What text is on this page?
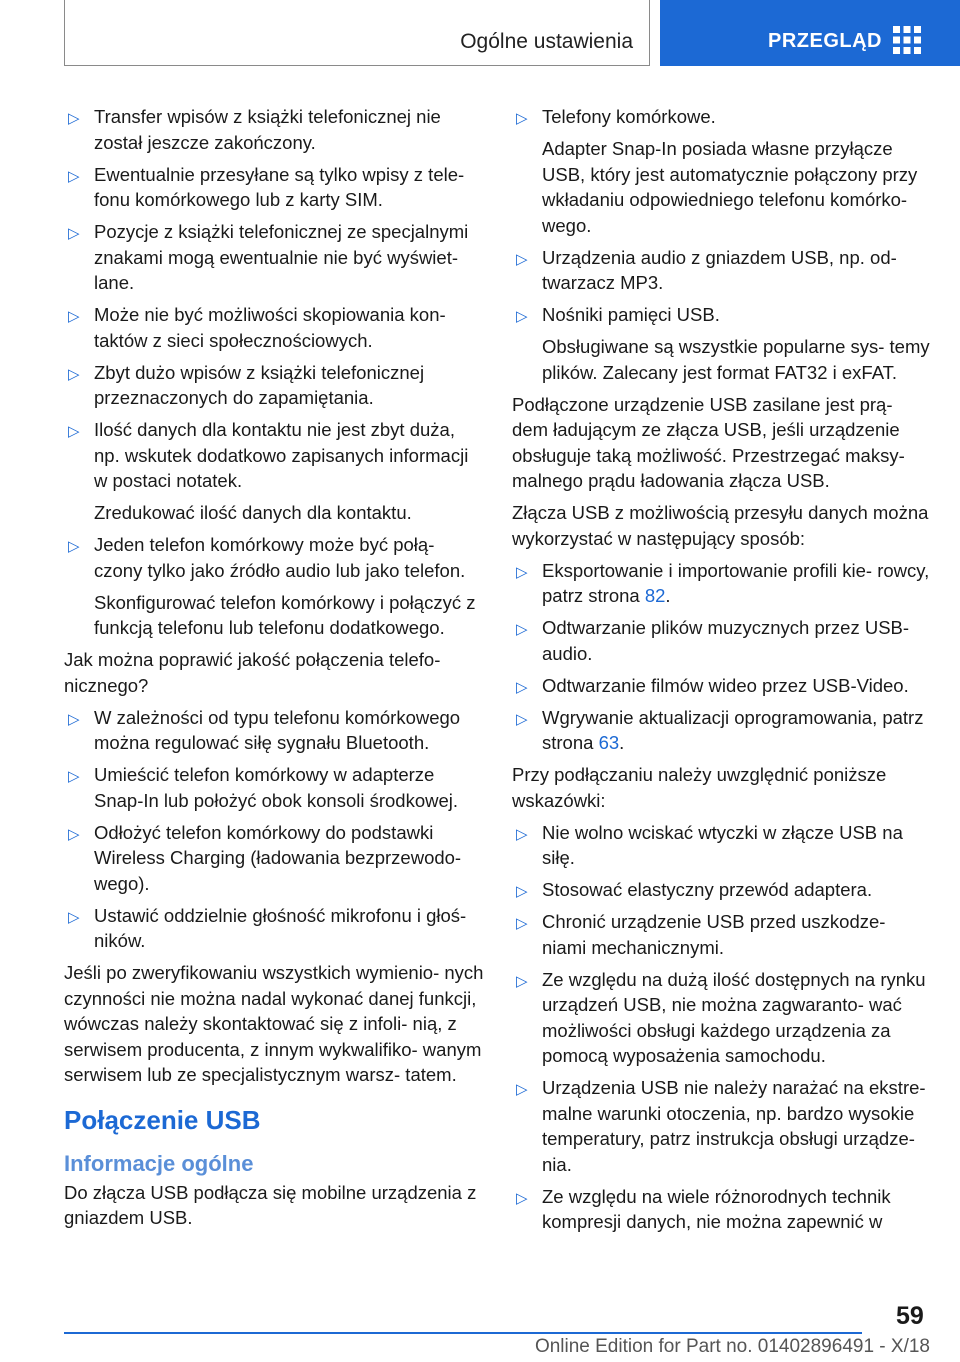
Ogólne ustawienia	PRZEGLĄD
▷ Transfer wpisów z książki telefonicznej nie został jeszcze zakończony.
▷ Ewentualnie przesyłane są tylko wpisy z tele- fonu komórkowego lub z karty SIM.
▷ Pozycje z książki telefonicznej ze specjalnymi znakami mogą ewentualnie nie być wyświet- lane.
▷ Może nie być możliwości skopiowania kon- taktów z sieci społecznościowych.
▷ Zbyt dużo wpisów z książki telefonicznej przeznaczonych do zapamiętania.
▷ Ilość danych dla kontaktu nie jest zbyt duża, np. wskutek dodatkowo zapisanych informacji w postaci notatek.
Zredukować ilość danych dla kontaktu.
▷ Jeden telefon komórkowy może być połą- czony tylko jako źródło audio lub jako telefon.
Skonfigurować telefon komórkowy i połączyć z funkcją telefonu lub telefonu dodatkowego.
Jak można poprawić jakość połączenia telefo- nicznego?
▷ W zależności od typu telefonu komórkowego można regulować siłę sygnału Bluetooth.
▷ Umieścić telefon komórkowy w adapterze Snap-In lub położyć obok konsoli środkowej.
▷ Odłożyć telefon komórkowy do podstawki Wireless Charging (ładowania bezprzewodo- wego).
▷ Ustawić oddzielnie głośność mikrofonu i głoś- ników.
Jeśli po zweryfikowaniu wszystkich wymienio- nych czynności nie można nadal wykonać danej funkcji, wówczas należy skontaktować się z infoli- nią, z serwisem producenta, z innym wykwalifiko- wanym serwisem lub ze specjalistycznym warsz- tatem.
Połączenie USB
Informacje ogólne
Do złącza USB podłącza się mobilne urządzenia z gniazdem USB.
▷ Telefony komórkowe.
Adapter Snap-In posiada własne przyłącze USB, który jest automatycznie połączony przy wkładaniu odpowiedniego telefonu komórko- wego.
▷ Urządzenia audio z gniazdem USB, np. od- twarzacz MP3.
▷ Nośniki pamięci USB.
Obsługiwane są wszystkie popularne sys- temy plików. Zalecany jest format FAT32 i exFAT.
Podłączone urządzenie USB zasilane jest prą- dem ładującym ze złącza USB, jeśli urządzenie obsługuje taką możliwość. Przestrzegać maksy- malnego prądu ładowania złącza USB.
Złącza USB z możliwością przesyłu danych można wykorzystać w następujący sposób:
▷ Eksportowanie i importowanie profili kie- rowcy, patrz strona 82.
▷ Odtwarzanie plików muzycznych przez USB- audio.
▷ Odtwarzanie filmów wideo przez USB-Video.
▷ Wgrywanie aktualizacji oprogramowania, patrz strona 63.
Przy podłączaniu należy uwzględnić poniższe wskazówki:
▷ Nie wolno wciskać wtyczki w złącze USB na siłę.
▷ Stosować elastyczny przewód adaptera.
▷ Chronić urządzenie USB przed uszkodze- niami mechanicznymi.
▷ Ze względu na dużą ilość dostępnych na rynku urządzeń USB, nie można zagwaranto- wać możliwości obsługi każdego urządzenia za pomocą wyposażenia samochodu.
▷ Urządzenia USB nie należy narażać na ekstre- malne warunki otoczenia, np. bardzo wysokie temperatury, patrz instrukcja obsługi urządze- nia.
▷ Ze względu na wiele różnorodnych technik kompresji danych, nie można zapewnić w
59
Online Edition for Part no. 01402896491 - X/18
